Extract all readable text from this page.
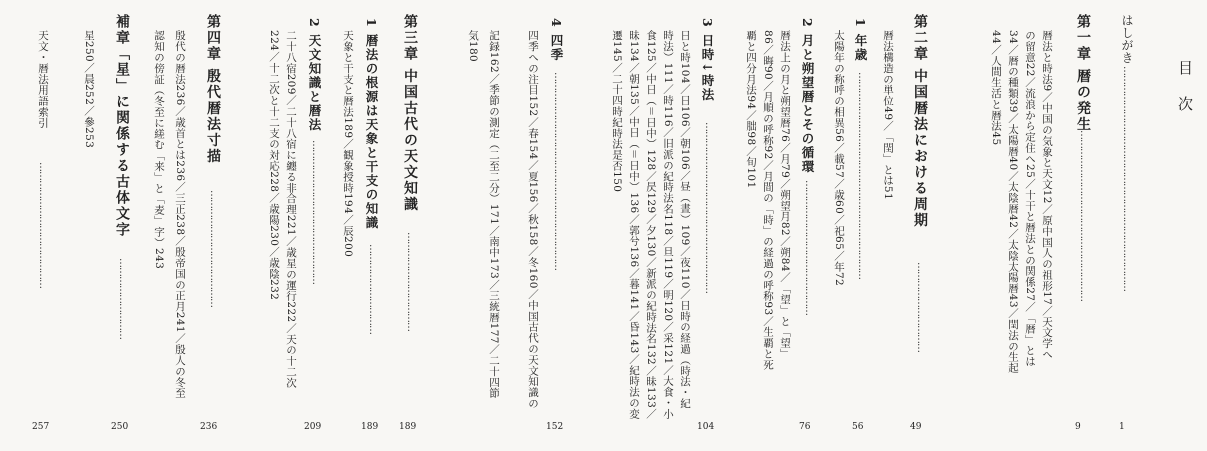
目 次
はしがき
…………………………………………………………………
1
第一章 暦の発生
…………………………………………………
9
暦法と時法9／中国の気象と天文12／原中国人の祖形17／天文学へ
の留意22／流浪から定住へ25／十干と暦法との関係27／「暦」とは
34／暦の種類39／太陽暦40／太陰暦42／太陰太陽暦43／閏法の生起
44／人間生活と暦法45
第二章 中国暦法における周期
…………………………
49
暦法構造の単位49／「閏」とは51
1
年歳
……………………………………………………………
56
太陽年の称呼の相異56／載57／歳60／祀65／年72
2
月と朔望暦とその循環
………………………………………
76
暦法上の月と朔望暦76／月79／朔望月82／朔84／「望」と「望」
86／晦90／月順の呼称92／月間の「時」の経過の呼称93／生覇と死
覇と四分月法94／朏98／旬101
3
日時↓時法
…………………………………………………
104
日と時104／日106／朝106／昼（晝）109／夜110／日時の経過（時法・紀
時法）111／時116／旧派の紀時法名118／旦119／明120／采121／大食・小
食125／中日（＝日中）128／昃129／夕130／新派の紀時法名132／昧133／
昧134／朝135／中日（＝日中）136／郭兮136／暮141／昏143／紀時法の変
遷145／二十四時紀時法是否150
4
四季
…………………………………………………………
152
四季への注目152／春154／夏156／秋158／冬160／中国古代の天文知識の
記録162／季節の測定（二至二分）171／南中173／三統暦177／二十四節
気180
第三章 中国古代の天文知識
……………………………
189
1
暦法の根源は天象と干支の知識
…………………………
189
天象と干支と暦法189／観象授時194／辰200
2
天文知識と暦法
…………………………………………
209
二十八宿209／二十八宿に纏る非合理221／歳星の運行222／天の十二次
224／十二次と十二支の対応228／歳陽230／歳陰232
第四章 殷代暦法寸描
…………………………………
236
殷代の暦法236／歳首とは236／三正238／殷帝国の正月241／殷人の冬至
認知の傍証（冬至に縒む「来」と「麦」字）243
補章「星」に関係する古体文字
………………………
250
星250／晨252／參253
天文・暦法用語索引
……………………………………
257
